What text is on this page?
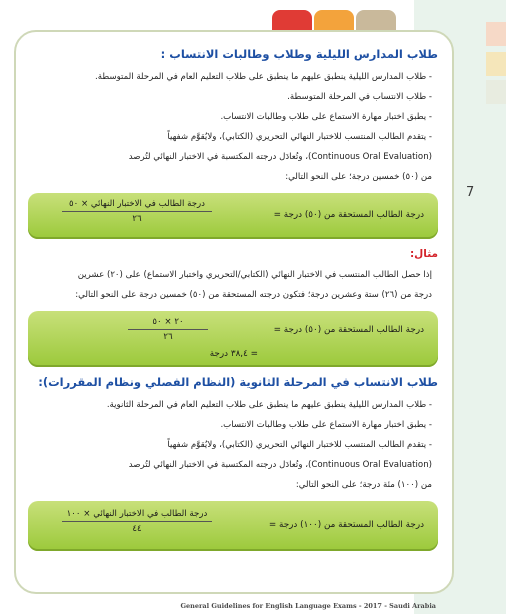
7
طلاب المدارس الليلية وطلاب وطالبات الانتساب :

- طلاب المدارس الليلية ينطبق عليهم ما ينطبق على طلاب التعليم العام في المرحلة المتوسطة.

- طلاب الانتساب في المرحلة المتوسطة.

- يطبق اختبار مهارة الاستماع على طلاب وطالبات الانتساب.

- يتقدم الطالب المنتسب للاختبار النهائي التحريري (الكتابي)، ولايُقوَّم شفهياً

(Continuous Oral Evaluation)، وتُعادَل درجته المكتسبة في الاختبار النهائي لتُرصد

من (٥٠) خمسين درجة؛ على النحو التالي:

درجة الطالب المستحقة من (٥٠) درجة =
درجة الطالب في الاختبار النهائي × ٥٠
٢٦
مثال:

إذا حصل الطالب المنتسب في الاختبار النهائي (الكتابي/التحريري واختبار الاستماع) على (٢٠) عشرين

درجة من (٢٦) ستة وعشرين درجة؛ فتكون درجته المستحقة من (٥٠) خمسين درجة على النحو التالي:

درجة الطالب المستحقة من (٥٠) درجة =
٢٠ × ٥٠
٢٦
= ٣٨,٤ درجة
طلاب الانتساب في المرحلة الثانوية (النظام الفصلي ونظام المقررات):

- طلاب المدارس الليلية ينطبق عليهم ما ينطبق على طلاب التعليم العام في المرحلة الثانوية.

- يطبق اختبار مهارة الاستماع على طلاب وطالبات الانتساب.

- يتقدم الطالب المنتسب للاختبار النهائي التحريري (الكتابي)، ولايُقوَّم شفهياً

(Continuous Oral Evaluation)، وتُعادَل درجته المكتسبة في الاختبار النهائي لتُرصد

من (١٠٠) مئة درجة؛ على النحو التالي:

درجة الطالب المستحقة من (١٠٠) درجة =
درجة الطالب في الاختبار النهائي × ١٠٠
٤٤
General Guidelines for English Language Exams - 2017 - Saudi Arabia
